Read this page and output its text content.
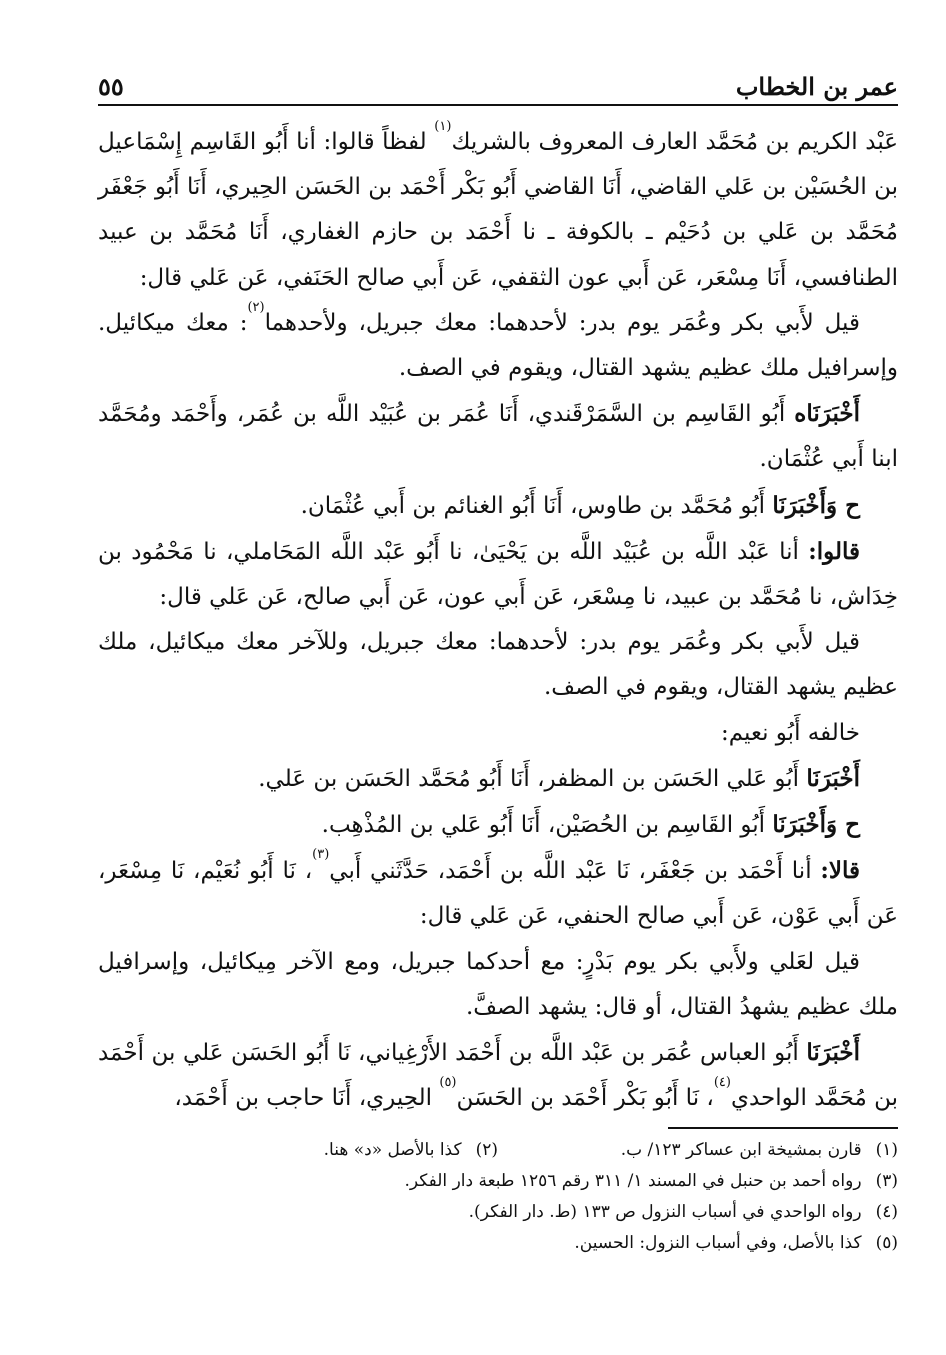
عمر بن الخطاب
٥٥

عَبْد الكريم بن مُحَمَّد العارف المعروف بالشريك$^{(١)}$ لفظاً قالوا: أنا أَبُو القَاسِم إِسْمَاعيل بن الحُسَيْن بن عَلي القاضي، أَنَا القاضي أَبُو بَكْر أَحْمَد بن الحَسَن الحِيري، أَنَا أَبُو جَعْفَر مُحَمَّد بن عَلي بن دُحَيْم ـ بالكوفة ـ نا أَحْمَد بن حازم الغفاري، أَنَا مُحَمَّد بن عبيد الطنافسي، أَنَا مِسْعَر، عَن أَبي عون الثقفي، عَن أَبي صالح الحَنَفي، عَن عَلي قال:

قيل لأَبي بكر وعُمَر يوم بدر: لأحدهما: معك جبريل، ولأحدهما$^{(٢)}$: معك ميكائيل. وإسرافيل ملك عظيم يشهد القتال، ويقوم في الصف.

أَخْبَرَنَاه أَبُو القَاسِم بن السَّمَرْقَندي، أَنَا عُمَر بن عُبَيْد اللَّه بن عُمَر، وأَحْمَد ومُحَمَّد ابنا أَبي عُثْمَان.

ح وَأَخْبَرَنَا أَبُو مُحَمَّد بن طاوس، أَنَا أَبُو الغنائم بن أَبي عُثْمَان.

قالوا: أنا عَبْد اللَّه بن عُبَيْد اللَّه بن يَحْيَىٰ، نا أَبُو عَبْد اللَّه المَحَاملي، نا مَحْمُود بن خِدَاش، نا مُحَمَّد بن عبيد، نا مِسْعَر، عَن أَبي عون، عَن أَبي صالح، عَن عَلي قال:

قيل لأَبي بكر وعُمَر يوم بدر: لأحدهما: معك جبريل، وللآخر معك ميكائيل، ملك عظيم يشهد القتال، ويقوم في الصف.

خالفه أَبُو نعيم:

أَخْبَرَنَا أَبُو عَلي الحَسَن بن المظفر، أَنَا أَبُو مُحَمَّد الحَسَن بن عَلي.

ح وَأَخْبَرَنَا أَبُو القَاسِم بن الحُصَيْن، أَنَا أَبُو عَلي بن المُذْهِب.

قالا: أنا أَحْمَد بن جَعْفَر، نَا عَبْد اللَّه بن أَحْمَد، حَدَّثَني أَبي$^{(٣)}$، نَا أَبُو نُعَيْم، نَا مِسْعَر، عَن أَبي عَوْن، عَن أَبي صالح الحنفي، عَن عَلي قال:

قيل لعَلي ولأَبي بكر يوم بَدْرٍ: مع أحدكما جبريل، ومع الآخر مِيكائيل، وإسرافيل ملك عظيم يشهدُ القتال، أو قال: يشهد الصفَّ.

أَخْبَرَنَا أَبُو العباس عُمَر بن عَبْد اللَّه بن أَحْمَد الأَرْغِياني، نَا أَبُو الحَسَن عَلي بن أَحْمَد بن مُحَمَّد الواحدي$^{(٤)}$، نَا أَبُو بَكْر أَحْمَد بن الحَسَن$^{(٥)}$ الحِيري، أَنَا حاجب بن أَحْمَد،

(١)قارن بمشيخة ابن عساكر ١٢٣/ ب.
(٢)كذا بالأصل «د» هنا.
(٣)رواه أحمد بن حنبل في المسند ١/ ٣١١ رقم ١٢٥٦ طبعة دار الفكر.
(٤)رواه الواحدي في أسباب النزول ص ١٣٣ (ط. دار الفكر).
(٥)كذا بالأصل، وفي أسباب النزول: الحسين.
